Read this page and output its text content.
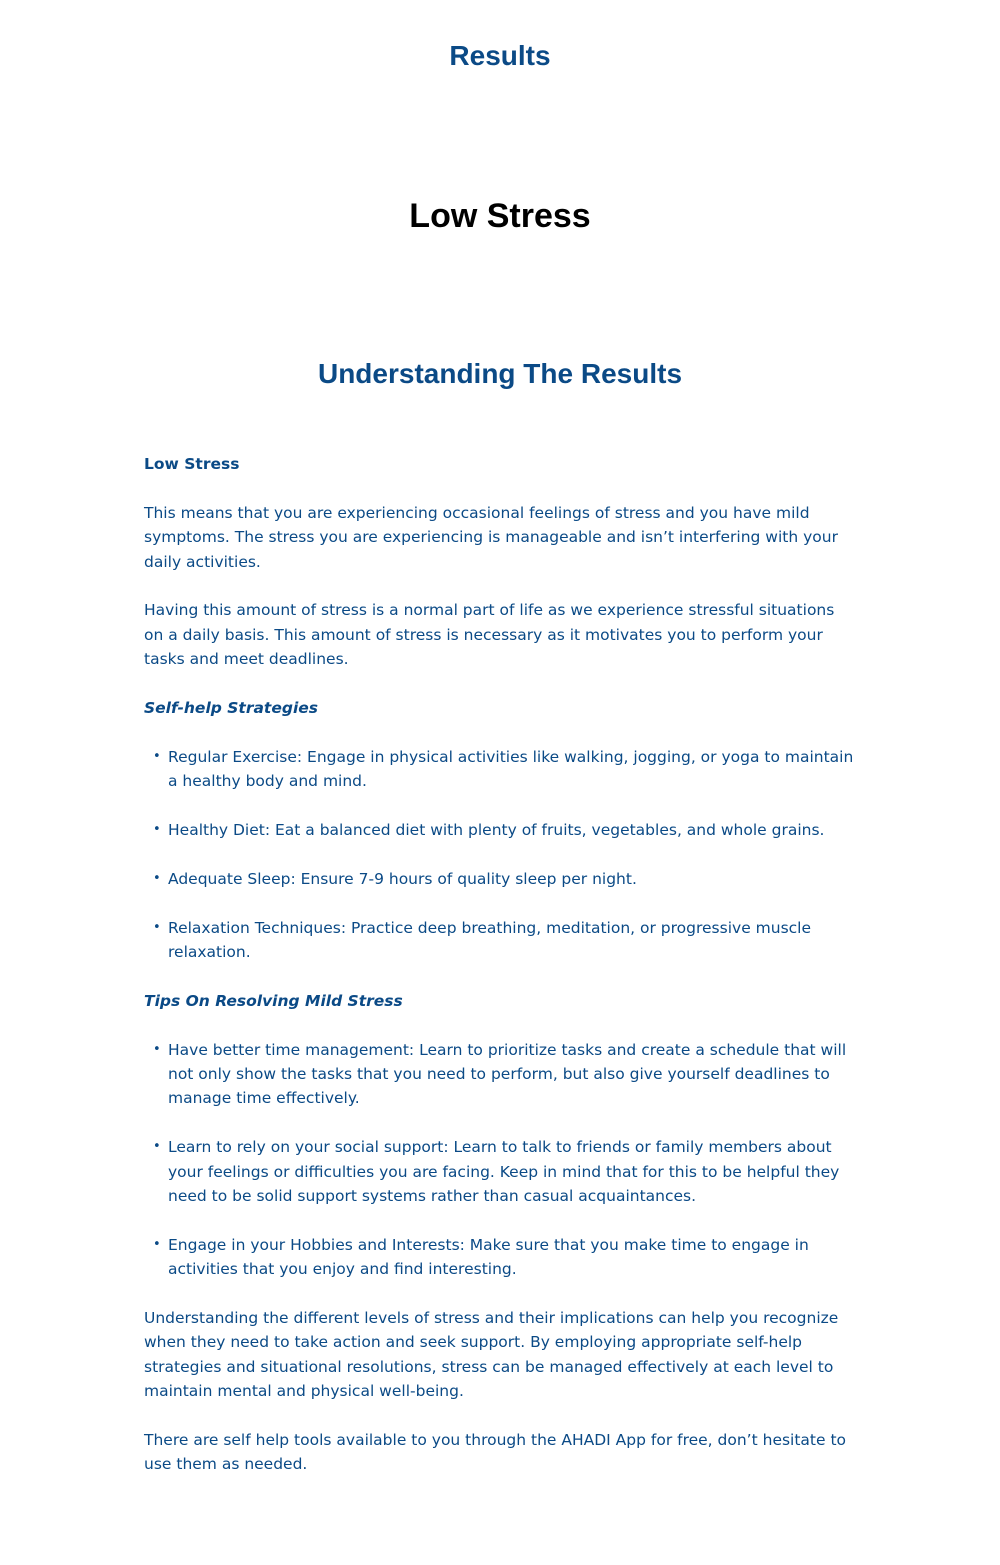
Results
Low Stress
Understanding The Results

Low Stress

This means that you are experiencing occasional feelings of stress and you have mild symptoms. The stress you are experiencing is manageable and isn’t interfering with your daily activities.

Having this amount of stress is a normal part of life as we experience stressful situations on a daily basis. This amount of stress is necessary as it motivates you to perform your tasks and meet deadlines.

Self-help Strategies

• Regular Exercise: Engage in physical activities like walking, jogging, or yoga to maintain a healthy body and mind.
• Healthy Diet: Eat a balanced diet with plenty of fruits, vegetables, and whole grains.
• Adequate Sleep: Ensure 7-9 hours of quality sleep per night.
• Relaxation Techniques: Practice deep breathing, meditation, or progressive muscle relaxation.

Tips On Resolving Mild Stress

• Have better time management: Learn to prioritize tasks and create a schedule that will not only show the tasks that you need to perform, but also give yourself deadlines to manage time effectively.
• Learn to rely on your social support: Learn to talk to friends or family members about your feelings or difficulties you are facing. Keep in mind that for this to be helpful they need to be solid support systems rather than casual acquaintances.
• Engage in your Hobbies and Interests: Make sure that you make time to engage in activities that you enjoy and find interesting.

Understanding the different levels of stress and their implications can help you recognize when they need to take action and seek support. By employing appropriate self-help strategies and situational resolutions, stress can be managed effectively at each level to maintain mental and physical well-being.

There are self help tools available to you through the AHADI App for free, don’t hesitate to use them as needed.
